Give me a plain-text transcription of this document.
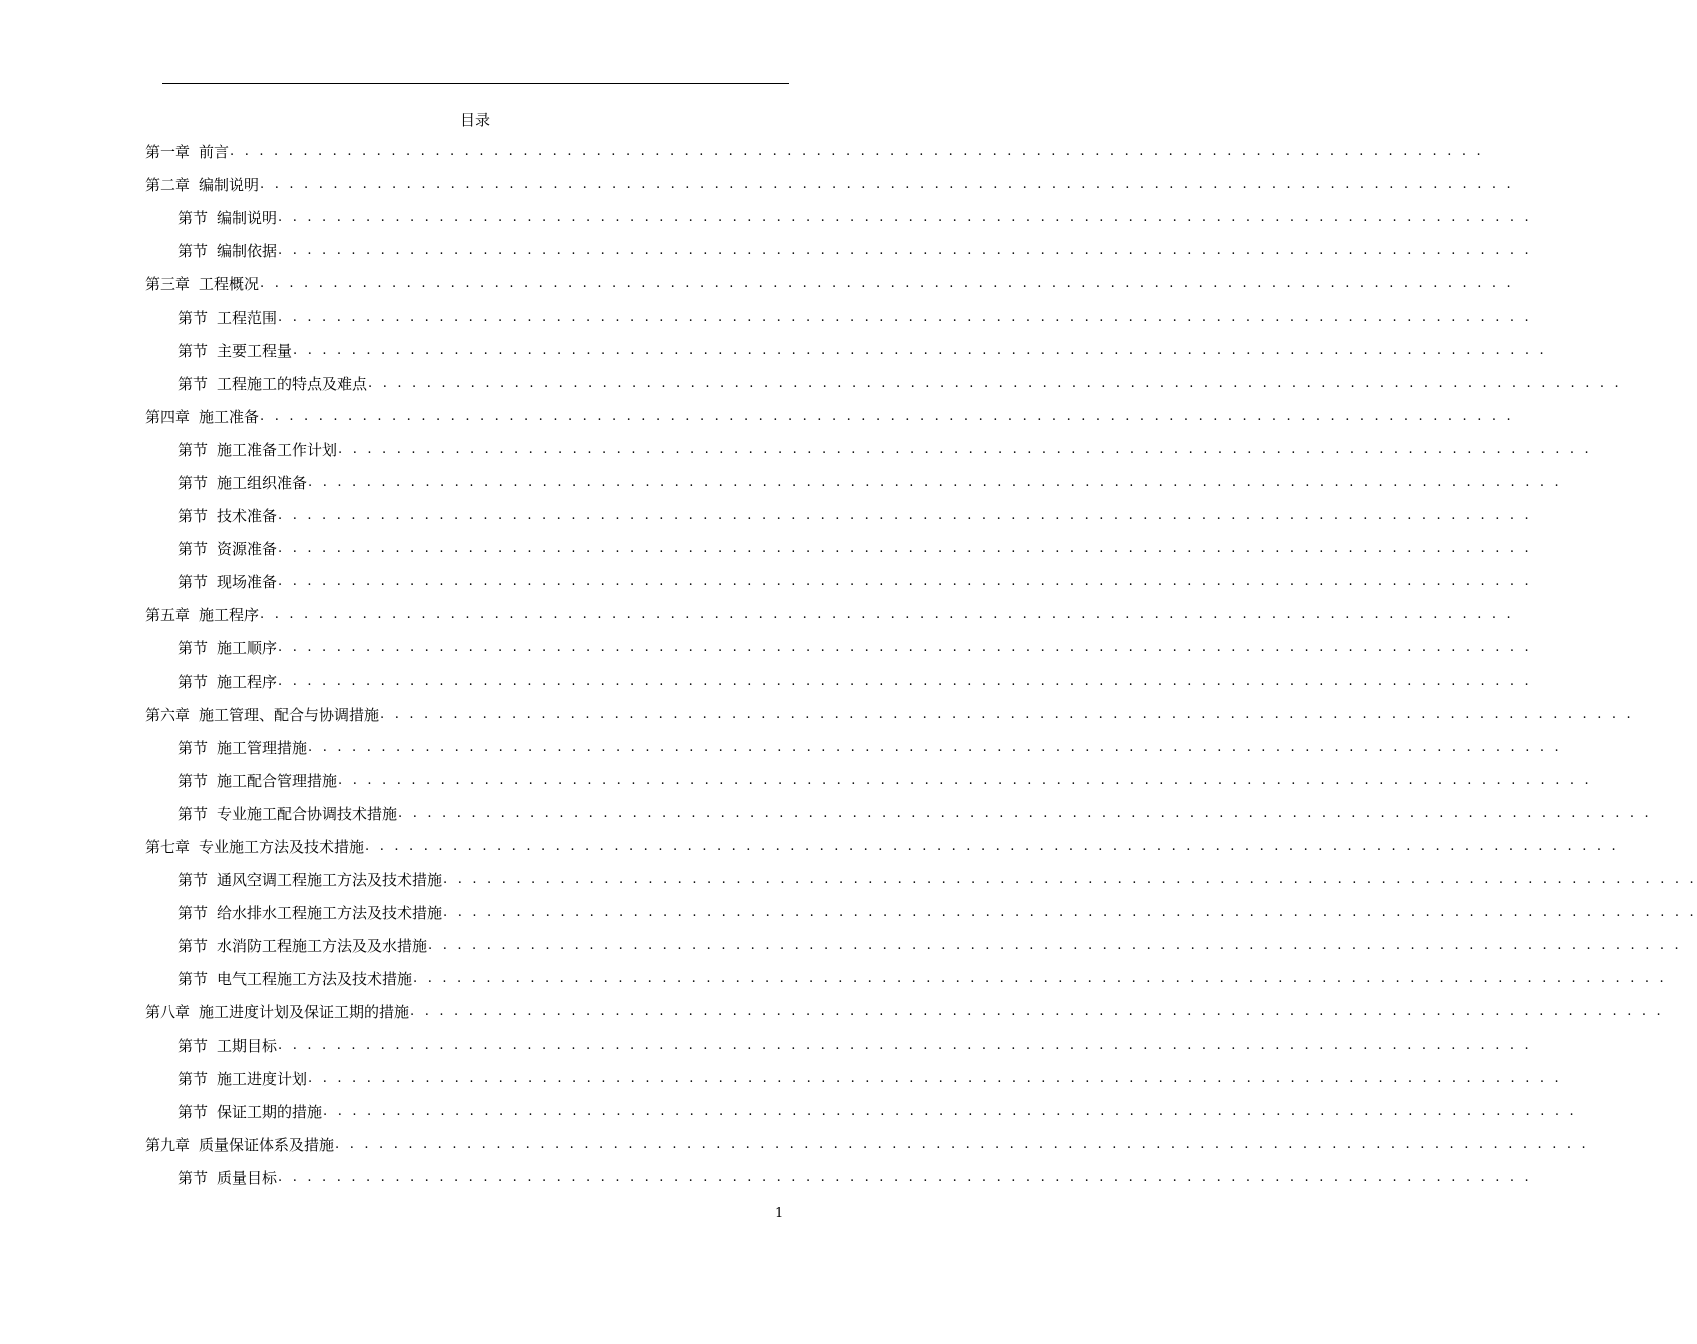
目录
第一章 前言 . . . . . . . . . . . . . . . . . . . . . . . . . . . . . . . . . . . . . . . . . . . . . . . . . . . . . . . . . . . . . . . . . . . . . . . . . . . . . . . . . . . . . .
第二章 编制说明 . . . . . . . . . . . . . . . . . . . . . . . . . . . . . . . . . . . . . . . . . . . . . . . . . . . . . . . . . . . . . . . . . . . . . . . . . . . . . . . . . . . . . .
第节 编制说明 . . . . . . . . . . . . . . . . . . . . . . . . . . . . . . . . . . . . . . . . . . . . . . . . . . . . . . . . . . . . . . . . . . . . . . . . . . . . . . . . . . . . . .
第节 编制依据 . . . . . . . . . . . . . . . . . . . . . . . . . . . . . . . . . . . . . . . . . . . . . . . . . . . . . . . . . . . . . . . . . . . . . . . . . . . . . . . . . . . . . .
第三章 工程概况 . . . . . . . . . . . . . . . . . . . . . . . . . . . . . . . . . . . . . . . . . . . . . . . . . . . . . . . . . . . . . . . . . . . . . . . . . . . . . . . . . . . . . .
第节 工程范围 . . . . . . . . . . . . . . . . . . . . . . . . . . . . . . . . . . . . . . . . . . . . . . . . . . . . . . . . . . . . . . . . . . . . . . . . . . . . . . . . . . . . . .
第节 主要工程量 . . . . . . . . . . . . . . . . . . . . . . . . . . . . . . . . . . . . . . . . . . . . . . . . . . . . . . . . . . . . . . . . . . . . . . . . . . . . . . . . . . . . . .
第节 工程施工的特点及难点 . . . . . . . . . . . . . . . . . . . . . . . . . . . . . . . . . . . . . . . . . . . . . . . . . . . . . . . . . . . . . . . . . . . . . . . . . . . . . . . . . . . . . .
第四章 施工准备 . . . . . . . . . . . . . . . . . . . . . . . . . . . . . . . . . . . . . . . . . . . . . . . . . . . . . . . . . . . . . . . . . . . . . . . . . . . . . . . . . . . . . .
第节 施工准备工作计划 . . . . . . . . . . . . . . . . . . . . . . . . . . . . . . . . . . . . . . . . . . . . . . . . . . . . . . . . . . . . . . . . . . . . . . . . . . . . . . . . . . . . . .
第节 施工组织准备 . . . . . . . . . . . . . . . . . . . . . . . . . . . . . . . . . . . . . . . . . . . . . . . . . . . . . . . . . . . . . . . . . . . . . . . . . . . . . . . . . . . . . .
第节 技术准备 . . . . . . . . . . . . . . . . . . . . . . . . . . . . . . . . . . . . . . . . . . . . . . . . . . . . . . . . . . . . . . . . . . . . . . . . . . . . . . . . . . . . . .
第节 资源准备 . . . . . . . . . . . . . . . . . . . . . . . . . . . . . . . . . . . . . . . . . . . . . . . . . . . . . . . . . . . . . . . . . . . . . . . . . . . . . . . . . . . . . .
第节 现场准备 . . . . . . . . . . . . . . . . . . . . . . . . . . . . . . . . . . . . . . . . . . . . . . . . . . . . . . . . . . . . . . . . . . . . . . . . . . . . . . . . . . . . . .
第五章 施工程序 . . . . . . . . . . . . . . . . . . . . . . . . . . . . . . . . . . . . . . . . . . . . . . . . . . . . . . . . . . . . . . . . . . . . . . . . . . . . . . . . . . . . . .
第节 施工顺序 . . . . . . . . . . . . . . . . . . . . . . . . . . . . . . . . . . . . . . . . . . . . . . . . . . . . . . . . . . . . . . . . . . . . . . . . . . . . . . . . . . . . . .
第节 施工程序 . . . . . . . . . . . . . . . . . . . . . . . . . . . . . . . . . . . . . . . . . . . . . . . . . . . . . . . . . . . . . . . . . . . . . . . . . . . . . . . . . . . . . .
第六章 施工管理、配合与协调措施 . . . . . . . . . . . . . . . . . . . . . . . . . . . . . . . . . . . . . . . . . . . . . . . . . . . . . . . . . . . . . . . . . . . . . . . . . . . . . . . . . . . . . .
第节 施工管理措施 . . . . . . . . . . . . . . . . . . . . . . . . . . . . . . . . . . . . . . . . . . . . . . . . . . . . . . . . . . . . . . . . . . . . . . . . . . . . . . . . . . . . . .
第节 施工配合管理措施 . . . . . . . . . . . . . . . . . . . . . . . . . . . . . . . . . . . . . . . . . . . . . . . . . . . . . . . . . . . . . . . . . . . . . . . . . . . . . . . . . . . . . .
第节 专业施工配合协调技术措施 . . . . . . . . . . . . . . . . . . . . . . . . . . . . . . . . . . . . . . . . . . . . . . . . . . . . . . . . . . . . . . . . . . . . . . . . . . . . . . . . . . . . . .
第七章 专业施工方法及技术措施 . . . . . . . . . . . . . . . . . . . . . . . . . . . . . . . . . . . . . . . . . . . . . . . . . . . . . . . . . . . . . . . . . . . . . . . . . . . . . . . . . . . . . .
第节 通风空调工程施工方法及技术措施 . . . . . . . . . . . . . . . . . . . . . . . . . . . . . . . . . . . . . . . . . . . . . . . . . . . . . . . . . . . . . . . . . . . . . . . . . . . . . . . . . . . . . .
第节 给水排水工程施工方法及技术措施 . . . . . . . . . . . . . . . . . . . . . . . . . . . . . . . . . . . . . . . . . . . . . . . . . . . . . . . . . . . . . . . . . . . . . . . . . . . . . . . . . . . . . .
第节 水消防工程施工方法及及水措施 . . . . . . . . . . . . . . . . . . . . . . . . . . . . . . . . . . . . . . . . . . . . . . . . . . . . . . . . . . . . . . . . . . . . . . . . . . . . . . . . . . . . . .
第节 电气工程施工方法及技术措施 . . . . . . . . . . . . . . . . . . . . . . . . . . . . . . . . . . . . . . . . . . . . . . . . . . . . . . . . . . . . . . . . . . . . . . . . . . . . . . . . . . . . . .
第八章 施工进度计划及保证工期的措施 . . . . . . . . . . . . . . . . . . . . . . . . . . . . . . . . . . . . . . . . . . . . . . . . . . . . . . . . . . . . . . . . . . . . . . . . . . . . . . . . . . . . . .
第节 工期目标 . . . . . . . . . . . . . . . . . . . . . . . . . . . . . . . . . . . . . . . . . . . . . . . . . . . . . . . . . . . . . . . . . . . . . . . . . . . . . . . . . . . . . .
第节 施工进度计划 . . . . . . . . . . . . . . . . . . . . . . . . . . . . . . . . . . . . . . . . . . . . . . . . . . . . . . . . . . . . . . . . . . . . . . . . . . . . . . . . . . . . . .
第节 保证工期的措施 . . . . . . . . . . . . . . . . . . . . . . . . . . . . . . . . . . . . . . . . . . . . . . . . . . . . . . . . . . . . . . . . . . . . . . . . . . . . . . . . . . . . . .
第九章 质量保证体系及措施 . . . . . . . . . . . . . . . . . . . . . . . . . . . . . . . . . . . . . . . . . . . . . . . . . . . . . . . . . . . . . . . . . . . . . . . . . . . . . . . . . . . . . .
第节 质量目标 . . . . . . . . . . . . . . . . . . . . . . . . . . . . . . . . . . . . . . . . . . . . . . . . . . . . . . . . . . . . . . . . . . . . . . . . . . . . . . . . . . . . . .
1
